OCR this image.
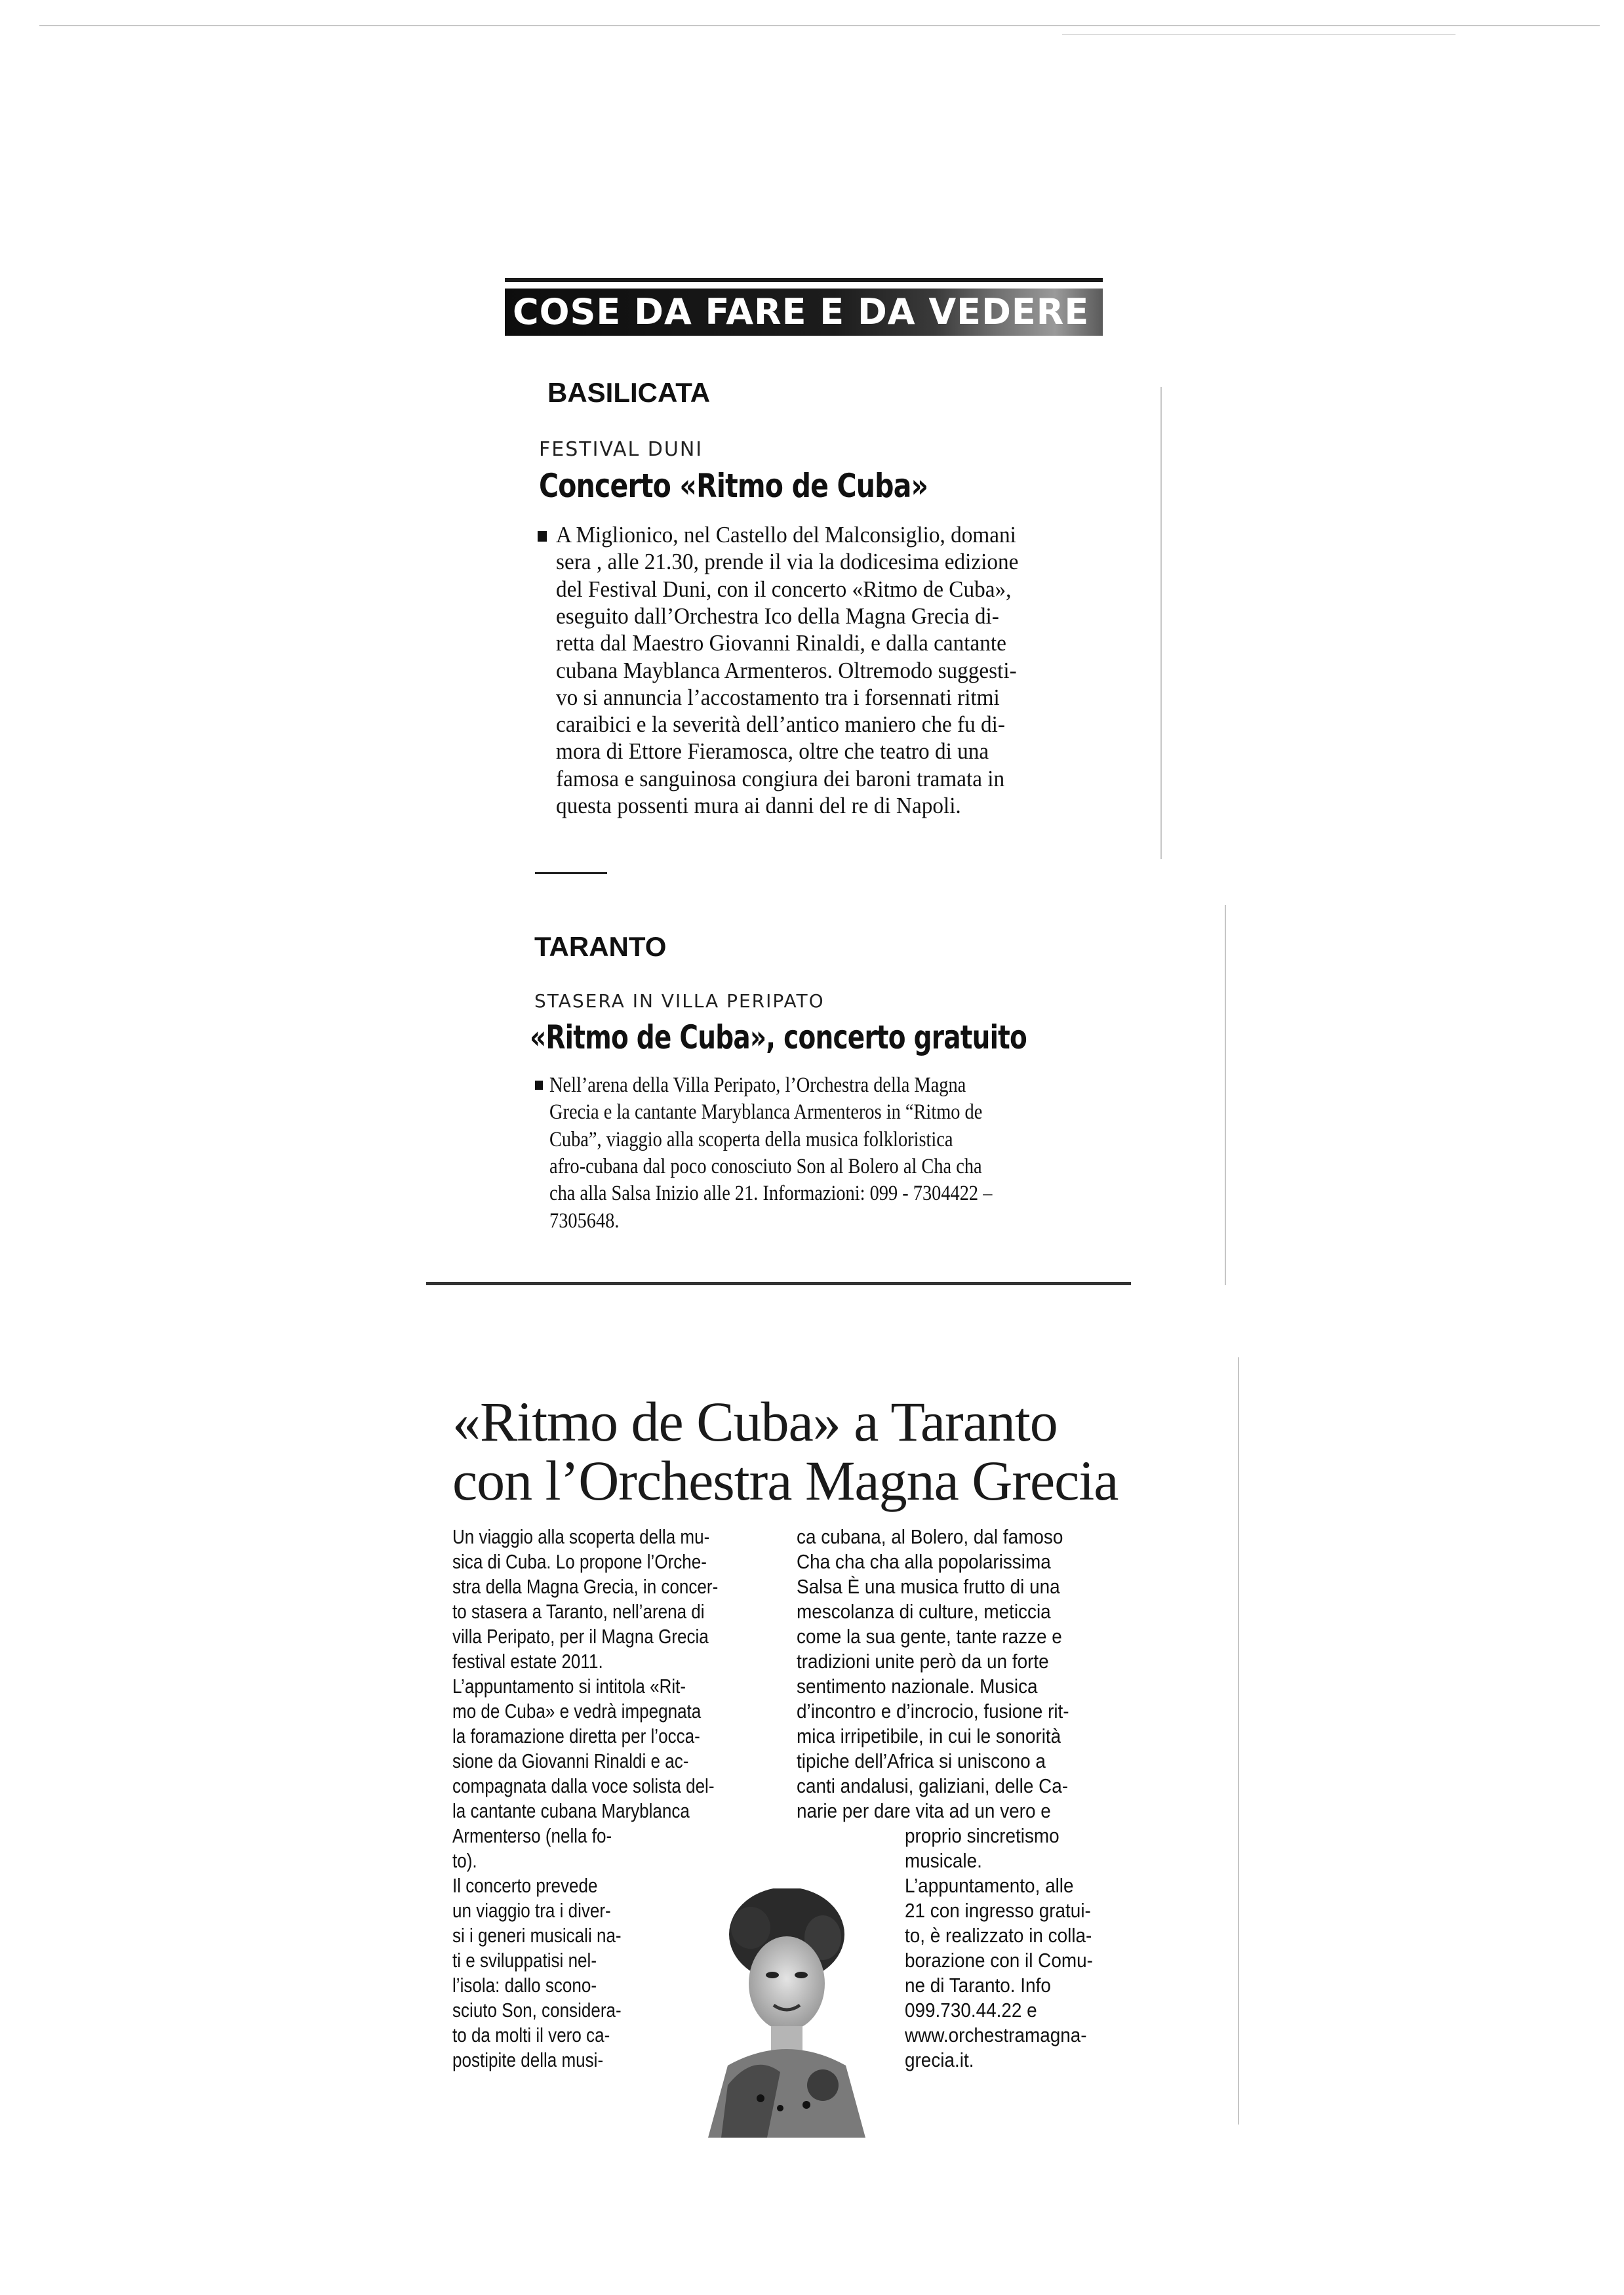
COSE DA FARE E DA VEDERE
BASILICATA
FESTIVAL DUNI
Concerto «Ritmo de Cuba»
A Miglionico, nel Castello del Malconsiglio, domani
sera , alle 21.30, prende il via la dodicesima edizione
del Festival Duni, con il concerto «Ritmo de Cuba»,
eseguito dall’Orchestra Ico della Magna Grecia di-
retta dal Maestro Giovanni Rinaldi, e dalla cantante
cubana Mayblanca Armenteros. Oltremodo suggesti-
vo si annuncia l’accostamento tra i forsennati ritmi
caraibici e la severità dell’antico maniero che fu di-
mora di Ettore Fieramosca, oltre che teatro di una
famosa e sanguinosa congiura dei baroni tramata in
questa possenti mura ai danni del re di Napoli.
TARANTO
STASERA IN VILLA PERIPATO
«Ritmo de Cuba», concerto gratuito
Nell’arena della Villa Peripato, l’Orchestra della Magna
Grecia e la cantante Maryblanca Armenteros in “Ritmo de
Cuba”, viaggio alla scoperta della musica folkloristica
afro-cubana dal poco conosciuto Son al Bolero al Cha cha
cha alla Salsa Inizio alle 21. Informazioni: 099 - 7304422 –
7305648.
«Ritmo de Cuba» a Taranto
con l’Orchestra Magna Grecia
Un viaggio alla scoperta della mu-
sica di Cuba. Lo propone l’Orche-
stra della Magna Grecia, in concer-
to stasera a Taranto, nell’arena di
villa Peripato, per il Magna Grecia
festival estate 2011.
L’appuntamento si intitola «Rit-
mo de Cuba» e vedrà impegnata
la foramazione diretta per l’occa-
sione da Giovanni Rinaldi e ac-
compagnata dalla voce solista del-
la cantante cubana Maryblanca
Armenterso (nella fo-
to).
Il concerto prevede
un viaggio tra i diver-
si i generi musicali na-
ti e sviluppatisi nel-
l’isola: dallo scono-
sciuto Son, considera-
to da molti il vero ca-
postipite della musi-
ca cubana, al Bolero, dal famoso
Cha cha cha alla popolarissima
Salsa È una musica frutto di una
mescolanza di culture, meticcia
come la sua gente, tante razze e
tradizioni unite però da un forte
sentimento nazionale. Musica
d’incontro e d’incrocio, fusione rit-
mica irripetibile, in cui le sonorità
tipiche dell’Africa si uniscono a
canti andalusi, galiziani, delle Ca-
narie per dare vita ad un vero e
proprio sincretismo
musicale.
L’appuntamento, alle
21 con ingresso gratui-
to, è realizzato in colla-
borazione con il Comu-
ne di Taranto. Info
099.730.44.22 e
www.orchestramagna-
grecia.it.
